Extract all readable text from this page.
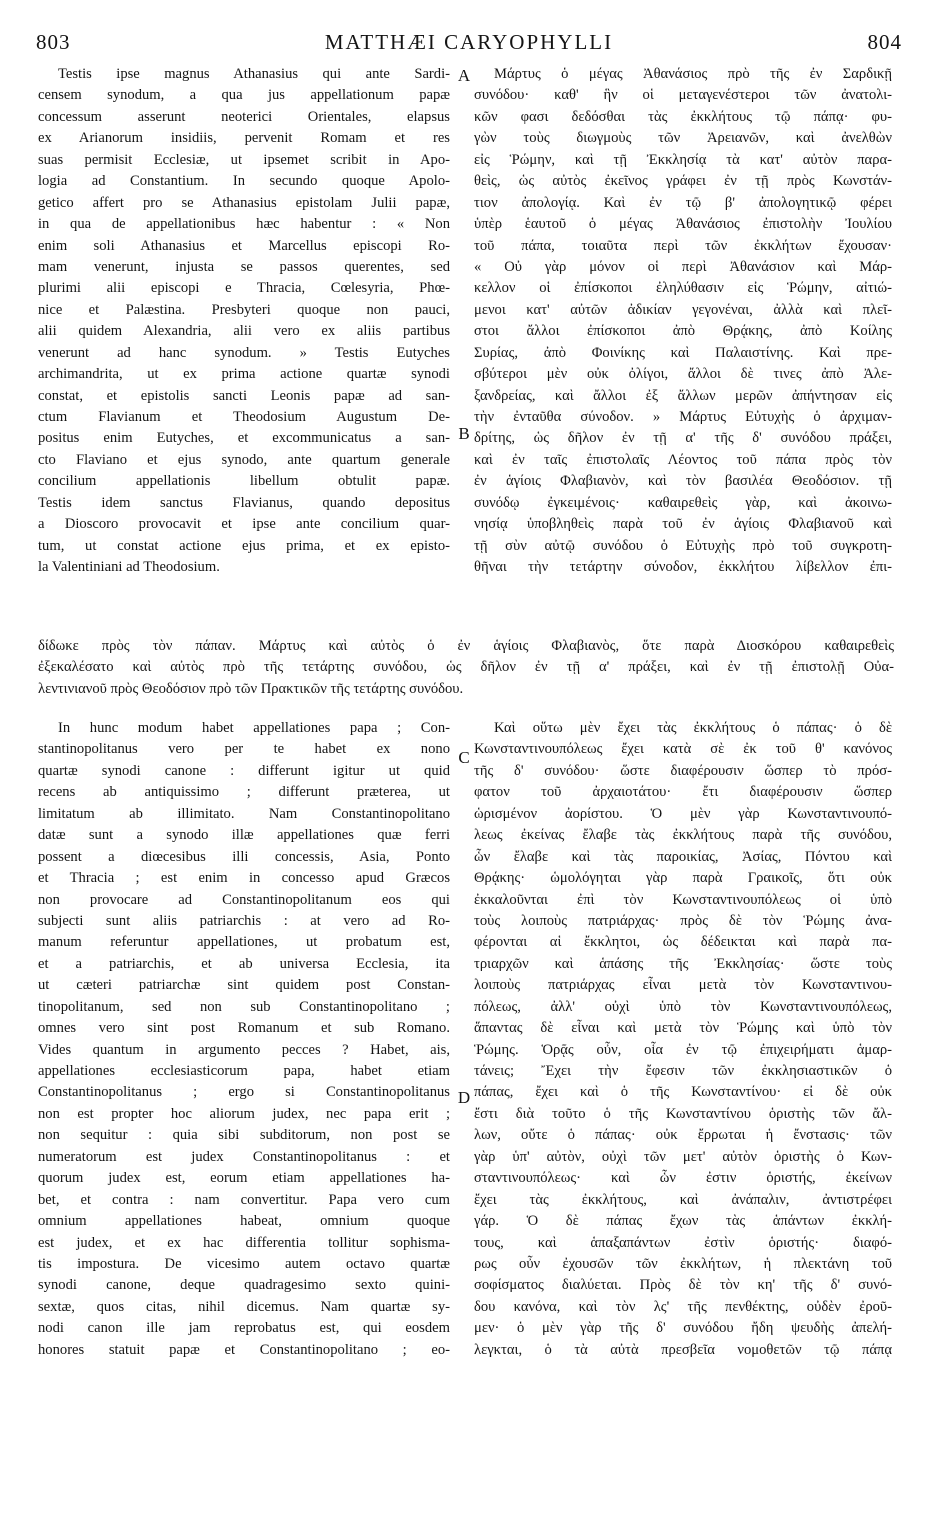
803	MATTHÆI CARYOPHYLLI	804
A
B
C
D
Testis ipse magnus Athanasius qui ante Sardi-
censem synodum, a qua jus appellationum papæ
concessum asserunt neoterici Orientales, elapsus
ex Arianorum insidiis, pervenit Romam et res
suas permisit Ecclesiæ, ut ipsemet scribit in Apo-
logia ad Constantium. In secundo quoque Apolo-
getico affert pro se Athanasius epistolam Julii papæ,
in qua de appellationibus hæc habentur : « Non
enim soli Athanasius et Marcellus episcopi Ro-
mam venerunt, injusta se passos querentes, sed
plurimi alii episcopi e Thracia, Cœlesyria, Phœ-
nice et Palæstina. Presbyteri quoque non pauci,
alii quidem Alexandria, alii vero ex aliis partibus
venerunt ad hanc synodum. » Testis Eutyches
archimandrita, ut ex prima actione quartæ synodi
constat, et epistolis sancti Leonis papæ ad san-
ctum Flavianum et Theodosium Augustum De-
positus enim Eutyches, et excommunicatus a san-
cto Flaviano et ejus synodo, ante quartum generale
concilium appellationis libellum obtulit papæ.
Testis idem sanctus Flavianus, quando depositus
a Dioscoro provocavit et ipse ante concilium quar-
tum, ut constat actione ejus prima, et ex episto-
la Valentiniani ad Theodosium.
Μάρτυς ὁ μέγας Ἀθανάσιος πρὸ τῆς ἐν Σαρδικῇ
συνόδου· καθ' ἣν οἱ μεταγενέστεροι τῶν ἀνατολι-
κῶν φασι δεδόσθαι τὰς ἐκκλήτους τῷ πάπᾳ· φυ-
γὼν τοὺς διωγμοὺς τῶν Ἀρειανῶν, καὶ ἀνελθὼν
εἰς Ῥώμην, καὶ τῇ Ἐκκλησίᾳ τὰ κατ' αὐτὸν παρα-
θεὶς, ὡς αὐτὸς ἐκεῖνος γράφει ἐν τῇ πρὸς Κωνστάν-
τιον ἀπολογίᾳ. Καὶ ἐν τῷ β' ἀπολογητικῷ φέρει
ὑπὲρ ἑαυτοῦ ὁ μέγας Ἀθανάσιος ἐπιστολὴν Ἰουλίου
τοῦ πάπα, τοιαῦτα περὶ τῶν ἐκκλήτων ἔχουσαν·
« Οὐ γὰρ μόνον οἱ περὶ Ἀθανάσιον καὶ Μάρ-
κελλον οἱ ἐπίσκοποι ἐληλύθασιν εἰς Ῥώμην, αἰτιώ-
μενοι κατ' αὐτῶν ἀδικίαν γεγονέναι, ἀλλὰ καὶ πλεῖ-
στοι ἄλλοι ἐπίσκοποι ἀπὸ Θρᾴκης, ἀπὸ Κοίλης
Συρίας, ἀπὸ Φοινίκης καὶ Παλαιστίνης. Καὶ πρε-
σβύτεροι μὲν οὐκ ὀλίγοι, ἄλλοι δὲ τινες ἀπὸ Ἀλε-
ξανδρείας, καὶ ἄλλοι ἐξ ἄλλων μερῶν ἀπήντησαν εἰς
τὴν ἐνταῦθα σύνοδον. » Μάρτυς Εὐτυχὴς ὁ ἀρχιμαν-
δρίτης, ὡς δῆλον ἐν τῇ α' τῆς δ' συνόδου πράξει,
καὶ ἐν ταῖς ἐπιστολαῖς Λέοντος τοῦ πάπα πρὸς τὸν
ἐν ἁγίοις Φλαβιανὸν, καὶ τὸν βασιλέα Θεοδόσιον. τῇ
συνόδῳ ἐγκειμένοις· καθαιρεθεὶς γὰρ, καὶ ἀκοινω-
νησίᾳ ὑποβληθεὶς παρὰ τοῦ ἐν ἁγίοις Φλαβιανοῦ καὶ
τῇ σὺν αὐτῷ συνόδου ὁ Εὐτυχὴς πρὸ τοῦ συγκροτη-
θῆναι τὴν τετάρτην σύνοδον, ἐκκλήτου λίβελλον ἐπι-
δίδωκε πρὸς τὸν πάπαν. Μάρτυς καὶ αὐτὸς ὁ ἐν ἁγίοις Φλαβιανὸς, ὅτε παρὰ Διοσκόρου καθαιρεθεὶς
ἐξεκαλέσατο καὶ αὐτὸς πρὸ τῆς τετάρτης συνόδου, ὡς δῆλον ἐν τῇ α' πράξει, καὶ ἐν τῇ ἐπιστολῇ Οὐα-
λεντινιανοῦ πρὸς Θεοδόσιον πρὸ τῶν Πρακτικῶν τῆς τετάρτης συνόδου.
In hunc modum habet appellationes papa ; Con-
stantinopolitanus vero per te habet ex nono
quartæ synodi canone : differunt igitur ut quid
recens ab antiquissimo ; differunt præterea, ut
limitatum ab illimitato. Nam Constantinopolitano
datæ sunt a synodo illæ appellationes quæ ferri
possent a diœcesibus illi concessis, Asia, Ponto
et Thracia ; est enim in concesso apud Græcos
non provocare ad Constantinopolitanum eos qui
subjecti sunt aliis patriarchis : at vero ad Ro-
manum referuntur appellationes, ut probatum est,
et a patriarchis, et ab universa Ecclesia, ita
ut cæteri patriarchæ sint quidem post Constan-
tinopolitanum, sed non sub Constantinopolitano ;
omnes vero sint post Romanum et sub Romano.
Vides quantum in argumento pecces ? Habet, ais,
appellationes ecclesiasticorum papa, habet etiam
Constantinopolitanus ; ergo si Constantinopolitanus
non est propter hoc aliorum judex, nec papa erit ;
non sequitur : quia sibi subditorum, non post se
numeratorum est judex Constantinopolitanus : et
quorum judex est, eorum etiam appellationes ha-
bet, et contra : nam convertitur. Papa vero cum
omnium appellationes habeat, omnium quoque
est judex, et ex hac differentia tollitur sophisma-
tis impostura. De vicesimo autem octavo quartæ
synodi canone, deque quadragesimo sexto quini-
sextæ, quos citas, nihil dicemus. Nam quartæ sy-
nodi canon ille jam reprobatus est, qui eosdem
honores statuit papæ et Constantinopolitano ; eo-
Καὶ οὕτω μὲν ἔχει τὰς ἐκκλήτους ὁ πάπας· ὁ δὲ
Κωνσταντινουπόλεως ἔχει κατὰ σὲ ἐκ τοῦ θ' κανόνος
τῆς δ' συνόδου· ὥστε διαφέρουσιν ὥσπερ τὸ πρόσ-
φατον τοῦ ἀρχαιοτάτου· ἔτι διαφέρουσιν ὥσπερ
ὡρισμένον ἀορίστου. Ὁ μὲν γὰρ Κωνσταντινουπό-
λεως ἐκείνας ἔλαβε τὰς ἐκκλήτους παρὰ τῆς συνόδου,
ὧν ἔλαβε καὶ τὰς παροικίας, Ἀσίας, Πόντου καὶ
Θρᾴκης· ὡμολόγηται γὰρ παρὰ Γραικοῖς, ὅτι οὐκ
ἐκκαλοῦνται ἐπὶ τὸν Κωνσταντινουπόλεως οἱ ὑπὸ
τοὺς λοιποὺς πατριάρχας· πρὸς δὲ τὸν Ῥώμης ἀνα-
φέρονται αἱ ἔκκλητοι, ὡς δέδεικται καὶ παρὰ πα-
τριαρχῶν καὶ ἁπάσης τῆς Ἐκκλησίας· ὥστε τοὺς
λοιποὺς πατριάρχας εἶναι μετὰ τὸν Κωνσταντινου-
πόλεως, ἀλλ' οὐχὶ ὑπὸ τὸν Κωνσταντινουπόλεως,
ἅπαντας δὲ εἶναι καὶ μετὰ τὸν Ῥώμης καὶ ὑπὸ τὸν
Ῥώμης. Ὁρᾷς οὖν, οἷα ἐν τῷ ἐπιχειρήματι ἁμαρ-
τάνεις; Ἔχει τὴν ἔφεσιν τῶν ἐκκλησιαστικῶν ὁ
πάπας, ἔχει καὶ ὁ τῆς Κωνσταντίνου· εἰ δὲ οὐκ
ἔστι διὰ τοῦτο ὁ τῆς Κωνσταντίνου ὁριστὴς τῶν ἄλ-
λων, οὔτε ὁ πάπας· οὐκ ἔρρωται ἡ ἔνστασις· τῶν
γὰρ ὑπ' αὐτὸν, οὐχὶ τῶν μετ' αὐτὸν ὁριστὴς ὁ Κων-
σταντινουπόλεως· καὶ ὧν ἐστιν ὁριστής, ἐκείνων
ἔχει τὰς ἐκκλήτους, καὶ ἀνάπαλιν, ἀντιστρέφει
γάρ. Ὁ δὲ πάπας ἔχων τὰς ἁπάντων ἐκκλή-
τους, καὶ ἁπαξαπάντων ἐστὶν ὁριστής· διαφό-
ρως οὖν ἐχουσῶν τῶν ἐκκλήτων, ἡ πλεκτάνη τοῦ
σοφίσματος διαλύεται. Πρὸς δὲ τὸν κη' τῆς δ' συνό-
δου κανόνα, καὶ τὸν λς' τῆς πενθέκτης, οὐδὲν ἐροῦ-
μεν· ὁ μὲν γὰρ τῆς δ' συνόδου ἤδη ψευδὴς ἀπελή-
λεγκται, ὁ τὰ αὐτὰ πρεσβεῖα νομοθετῶν τῷ πάπᾳ
